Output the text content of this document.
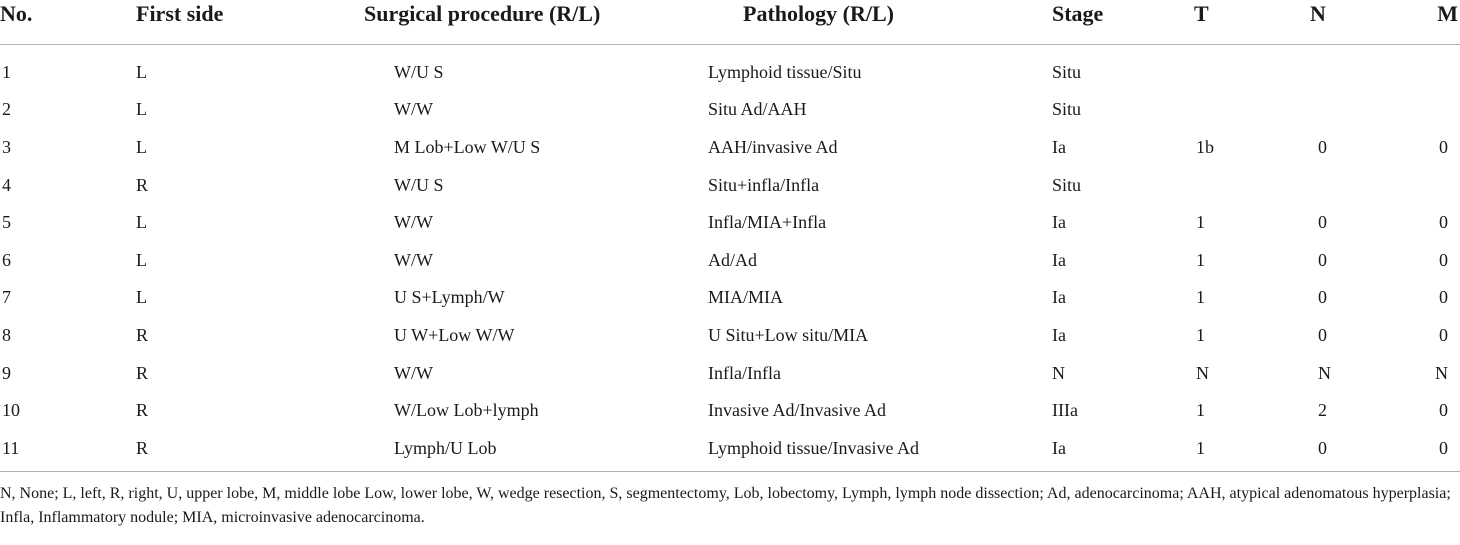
No.	First side	Surgical procedure (R/L)	Pathology (R/L)	Stage	T	N	M
1	L	W/U S	Lymphoid tissue/Situ	Situ			
2	L	W/W	Situ Ad/AAH	Situ			
3	L	M Lob+Low W/U S	AAH/invasive Ad	Ia	1b	0	0
4	R	W/U S	Situ+infla/Infla	Situ			
5	L	W/W	Infla/MIA+Infla	Ia	1	0	0
6	L	W/W	Ad/Ad	Ia	1	0	0
7	L	U S+Lymph/W	MIA/MIA	Ia	1	0	0
8	R	U W+Low W/W	U Situ+Low situ/MIA	Ia	1	0	0
9	R	W/W	Infla/Infla	N	N	N	N
10	R	W/Low Lob+lymph	Invasive Ad/Invasive Ad	IIIa	1	2	0
11	R	Lymph/U Lob	Lymphoid tissue/Invasive Ad	Ia	1	0	0
N, None; L, left, R, right, U, upper lobe, M, middle lobe Low, lower lobe, W, wedge resection, S, segmentectomy, Lob, lobectomy, Lymph, lymph node dissection; Ad, adenocarcinoma; AAH, atypical adenomatous hyperplasia; Infla, Inflammatory nodule; MIA, microinvasive adenocarcinoma.
